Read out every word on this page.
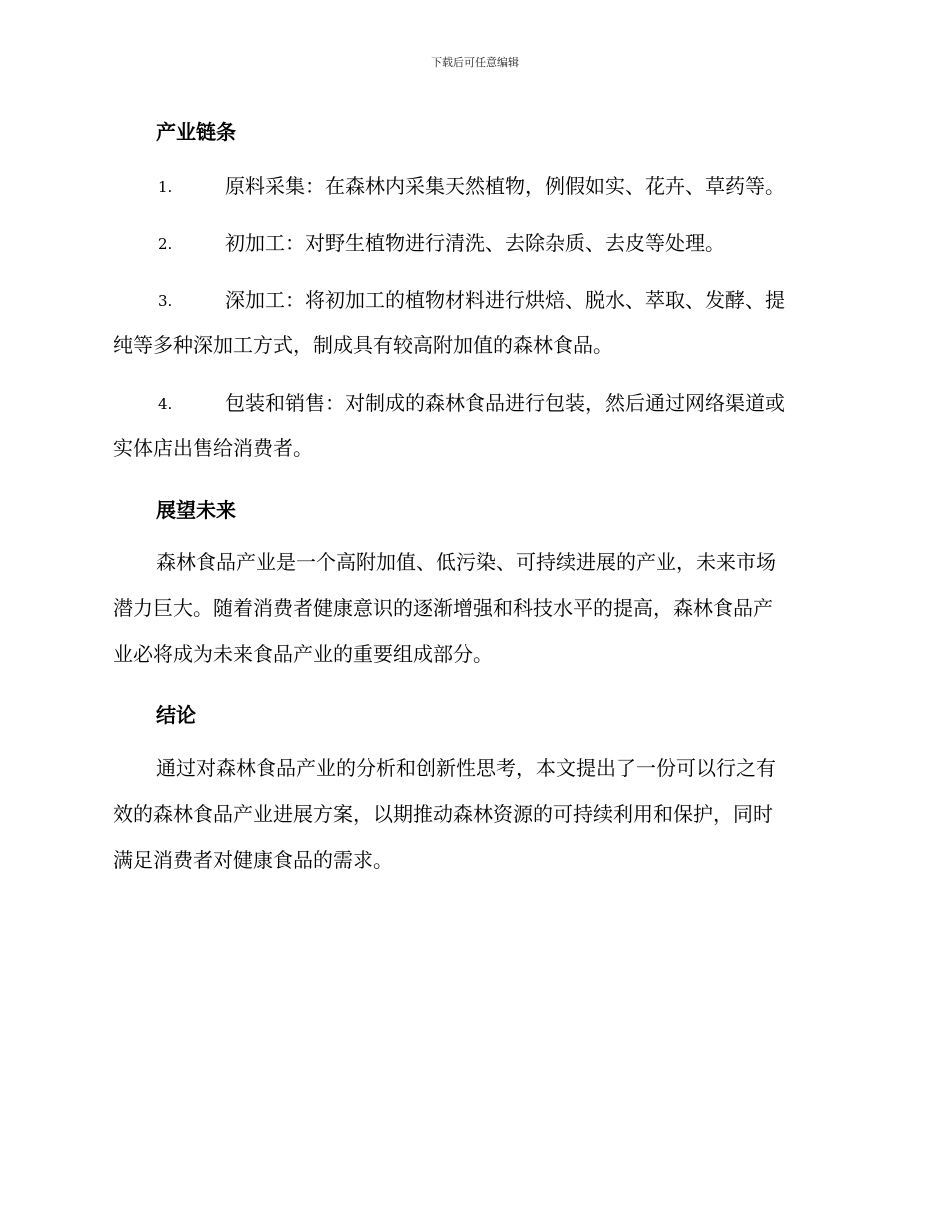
下载后可任意编辑
产业链条
1.	原料采集：在森林内采集天然植物，例假如实、花卉、草药等。
2.	初加工：对野生植物进行清洗、去除杂质、去皮等处理。
3.	深加工：将初加工的植物材料进行烘焙、脱水、萃取、发酵、提
纯等多种深加工方式，制成具有较高附加值的森林食品。
4.	包装和销售：对制成的森林食品进行包装，然后通过网络渠道或
实体店出售给消费者。
展望未来
森林食品产业是一个高附加值、低污染、可持续进展的产业，未来市场
潜力巨大。随着消费者健康意识的逐渐增强和科技水平的提高，森林食品产
业必将成为未来食品产业的重要组成部分。
结论
通过对森林食品产业的分析和创新性思考，本文提出了一份可以行之有
效的森林食品产业进展方案，以期推动森林资源的可持续利用和保护，同时
满足消费者对健康食品的需求。
